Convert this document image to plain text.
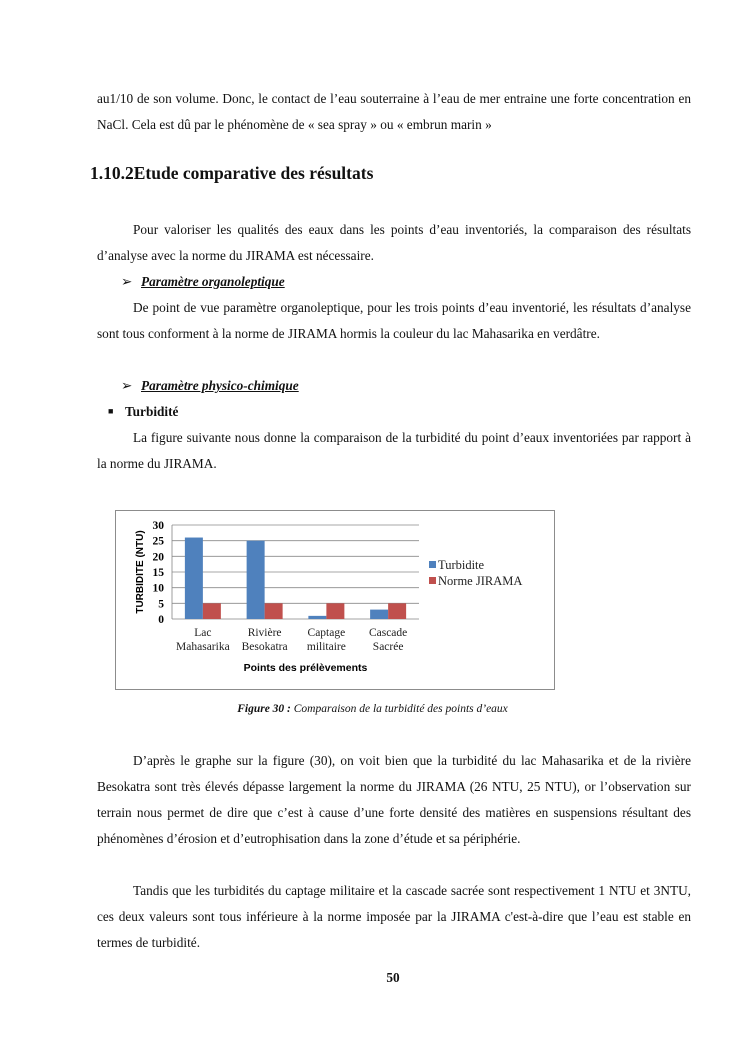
au1/10 de son volume. Donc, le contact de l’eau souterraine à l’eau de mer entraine une forte concentration en NaCl. Cela est dû par le phénomène de « sea spray » ou « embrun marin »

1.10.2Etude comparative des résultats

Pour valoriser les qualités des eaux dans les points d’eau inventoriés, la comparaison des résultats d’analyse avec la norme du JIRAMA est nécessaire.

➢ Paramètre organoleptique

De point de vue paramètre organoleptique, pour les trois points d’eau inventorié, les résultats d’analyse sont tous conforment à la norme de JIRAMA hormis la couleur du lac Mahasarika en verdâtre.

➢ Paramètre physico-chimique
■ Turbidité

La figure suivante nous donne la comparaison de la turbidité du point d’eaux inventoriées par rapport à la norme du JIRAMA.

0
5
10
15
20
25
30
Lac
Mahasarika
Rivière
Besokatra
Captage
militaire
Cascade
Sacrée
Points des prélèvements
TURBIDITE (NTU)	Turbidite
Norme JIRAMA
Figure 30 : Comparaison de la turbidité des points d’eaux

D’après le graphe sur la figure (30), on voit bien que la turbidité du lac Mahasarika et de la rivière Besokatra sont très élevés dépasse largement la norme du JIRAMA (26 NTU, 25 NTU), or l’observation sur terrain nous permet de dire que c’est à cause d’une forte densité des matières en suspensions résultant des phénomènes d’érosion et d’eutrophisation dans la zone d’étude et sa périphérie.

Tandis que les turbidités du captage militaire et la cascade sacrée sont respectivement 1 NTU et 3NTU, ces deux valeurs sont tous inférieure à la norme imposée par la JIRAMA c'est-à-dire que l’eau est stable en termes de turbidité.

50
